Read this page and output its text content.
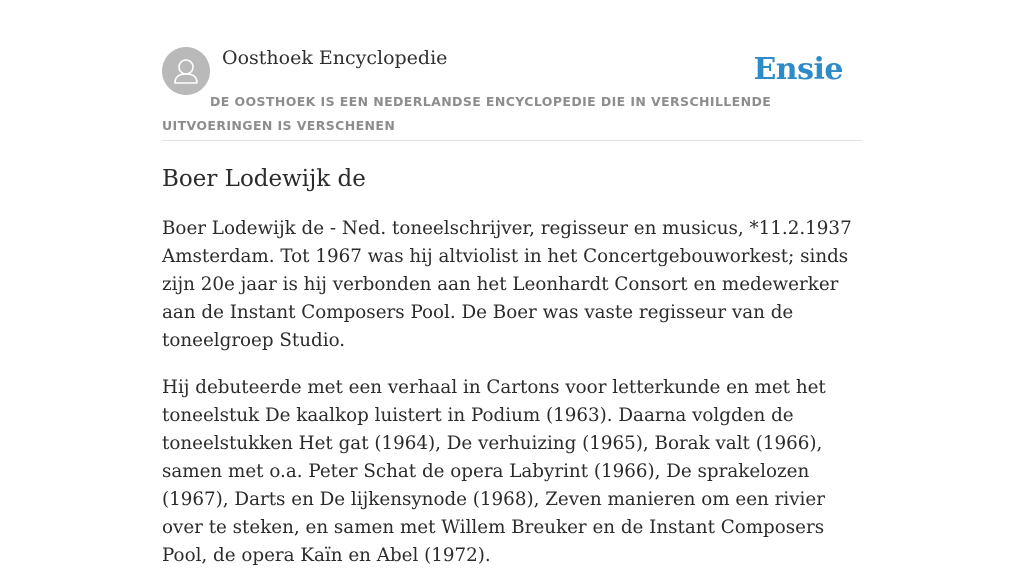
Oosthoek Encyclopedie	Ensie
DE OOSTHOEK IS EEN NEDERLANDSE ENCYCLOPEDIE DIE IN VERSCHILLENDE UITVOERINGEN IS VERSCHENEN
Boer Lodewijk de

Boer Lodewijk de - Ned. toneelschrijver, regisseur en musicus, *11.2.1937 Amsterdam. Tot 1967 was hij altviolist in het Concertgebouworkest; sinds zijn 20e jaar is hij verbonden aan het Leonhardt Consort en medewerker aan de Instant Composers Pool. De Boer was vaste regisseur van de toneelgroep Studio.

Hij debuteerde met een verhaal in Cartons voor letterkunde en met het toneelstuk De kaalkop luistert in Podium (1963). Daarna volgden de toneelstukken Het gat (1964), De verhuizing (1965), Borak valt (1966), samen met o.a. Peter Schat de opera Labyrint (1966), De sprakelozen (1967), Darts en De lijkensynode (1968), Zeven manieren om een rivier over te steken, en samen met Willem Breuker en de Instant Composers Pool, de opera Kaïn en Abel (1972).
